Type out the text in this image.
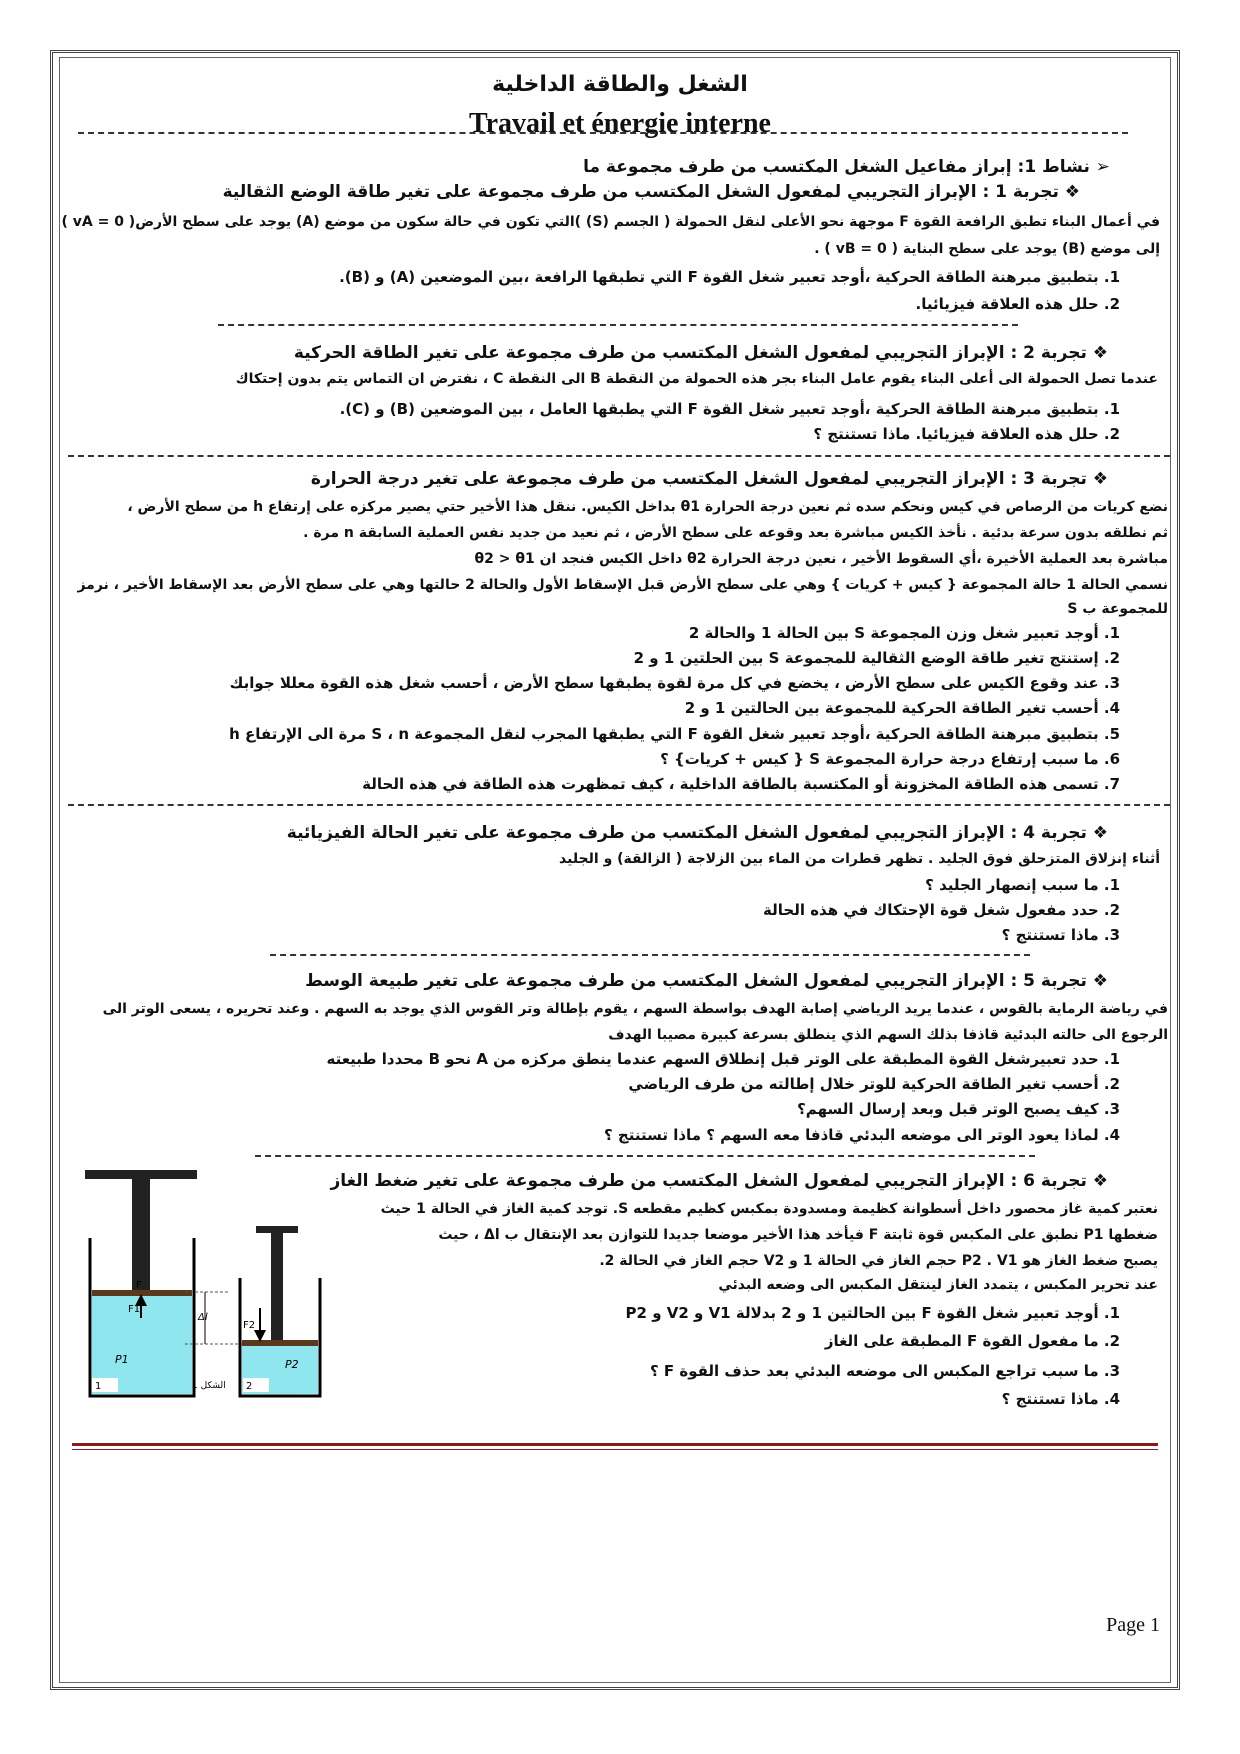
الشغل والطاقة الداخلية
Travail et énergie interne
➢ نشاط 1: إبراز مفاعيل الشغل المكتسب من طرف مجموعة ما
❖ تجربة 1 : الإبراز التجريبي لمفعول الشغل المكتسب من طرف مجموعة على تغير طاقة الوضع الثقالية
في أعمال البناء تطبق الرافعة القوة F موجهة نحو الأعلى لنقل الحمولة ( الجسم (S) )التي تكون في حالة سكون من موضع (A) يوجد على سطح الأرض( vA = 0 )
إلى موضع (B) يوجد على سطح البناية ( vB = 0 ) .
1. بتطبيق مبرهنة الطاقة الحركية ،أوجد تعبير شغل القوة F التي تطبقها الرافعة ،بين الموضعين (A) و (B).
2. حلل هذه العلاقة فيزيائيا.
❖ تجربة 2 : الإبراز التجريبي لمفعول الشغل المكتسب من طرف مجموعة على تغير الطاقة الحركية
عندما تصل الحمولة الى أعلى البناء يقوم عامل البناء بجر هذه الحمولة من النقطة B الى النقطة C ، نفترض ان التماس يتم بدون إحتكاك
1. بتطبيق مبرهنة الطاقة الحركية ،أوجد تعبير شغل القوة F التي يطبقها العامل ، بين الموضعين (B) و (C).
2. حلل هذه العلاقة فيزيائيا. ماذا تستنتج ؟
❖ تجربة 3 : الإبراز التجريبي لمفعول الشغل المكتسب من طرف مجموعة على تغير درجة الحرارة
نضع كريات من الرصاص في كيس ونحكم سده ثم نعين درجة الحرارة θ1 بداخل الكيس. ننقل هذا الأخير حتي يصير مركزه على إرتفاع h من سطح الأرض ،
ثم نطلقه بدون سرعة بدئية . نأخذ الكيس مباشرة بعد وقوعه على سطح الأرض ، ثم نعيد من جديد نفس العملية السابقة n مرة .
مباشرة بعد العملية الأخيرة ،أي السقوط الأخير ، نعين درجة الحرارة θ2 داخل الكيس فنجد ان θ2 > θ1
نسمي الحالة 1 حالة المجموعة { كيس + كريات } وهي على سطح الأرض قبل الإسقاط الأول والحالة 2 حالتها وهي على سطح الأرض بعد الإسقاط الأخير ، نرمز
للمجموعة ب S
1. أوجد تعبير شغل وزن المجموعة S بين الحالة 1 والحالة 2
2. إستنتج تغير طاقة الوضع الثقالية للمجموعة S بين الحلتين 1 و 2
3. عند وقوع الكيس على سطح الأرض ، يخضع في كل مرة لقوة يطبقها سطح الأرض ، أحسب شغل هذه القوة معللا جوابك
4. أحسب تغير الطاقة الحركية للمجموعة بين الحالتين 1 و 2
5. بتطبيق مبرهنة الطاقة الحركية ،أوجد تعبير شغل القوة F التي يطبقها المجرب لنقل المجموعة S ، n مرة الى الإرتفاع h
6. ما سبب إرتفاع درجة حرارة المجموعة S { كيس + كريات} ؟
7. تسمى هذه الطاقة المخزونة أو المكتسبة بالطاقة الداخلية ، كيف تمظهرت هذه الطاقة في هذه الحالة
❖ تجربة 4 : الإبراز التجريبي لمفعول الشغل المكتسب من طرف مجموعة على تغير الحالة الفيزيائية
أثناء إنزلاق المتزحلق فوق الجليد . تظهر قطرات من الماء بين الزلاجة ( الزالقة) و الجليد
1. ما سبب إنصهار الجليد ؟
2. حدد مفعول شغل قوة الإحتكاك في هذه الحالة
3. ماذا تستنتج ؟
❖ تجربة 5 : الإبراز التجريبي لمفعول الشغل المكتسب من طرف مجموعة على تغير طبيعة الوسط
في رياضة الرماية بالقوس ، عندما يريد الرياضي إصابة الهدف بواسطة السهم ، يقوم بإطالة وتر القوس الذي يوجد به السهم . وعند تحريره ، يسعى الوتر الى
الرجوع الى حالته البدئية قاذفا بذلك السهم الذي ينطلق بسرعة كبيرة مصيبا الهدف
1. حدد تعبيرشغل القوة المطبقة على الوتر قبل إنطلاق السهم عندما ينطق مركزه من A نحو B محددا طبيعته
2. أحسب تغير الطاقة الحركية للوتر خلال إطالته من طرف الرياضي
3. كيف يصبح الوتر قبل وبعد إرسال السهم؟
4. لماذا يعود الوتر الى موضعه البدئي قاذفا معه السهم ؟ ماذا تستنتج ؟
❖ تجربة 6 : الإبراز التجريبي لمفعول الشغل المكتسب من طرف مجموعة على تغير ضغط الغاز
نعتبر كمية غاز محصور داخل أسطوانة كظيمة ومسدودة بمكبس كظيم مقطعه S. توجد كمية الغاز في الحالة 1 حيث
ضغطها P1 نطبق على المكبس قوة ثابتة F فيأخد هذا الأخير موضعا جديدا للتوازن بعد الإنتقال ب Δl ، حيث
يصبح ضغط الغاز هو P2 . V1 حجم الغاز في الحالة 1 و V2 حجم الغاز في الحالة 2.
عند تحرير المكبس ، يتمدد الغاز لينتقل المكبس الى وضعه البدئي
1. أوجد تعبير شغل القوة F بين الحالتين 1 و 2 بدلالة V1 و V2 و P2
2. ما مفعول القوة F المطبقة على الغاز
3. ما سبب تراجع المكبس الى موضعه البدئي بعد حذف القوة F ؟
4. ماذا تستنتج ؟
F1
F
P1
1
Δl
الشكل 1
F2
P2
2
Page 1
